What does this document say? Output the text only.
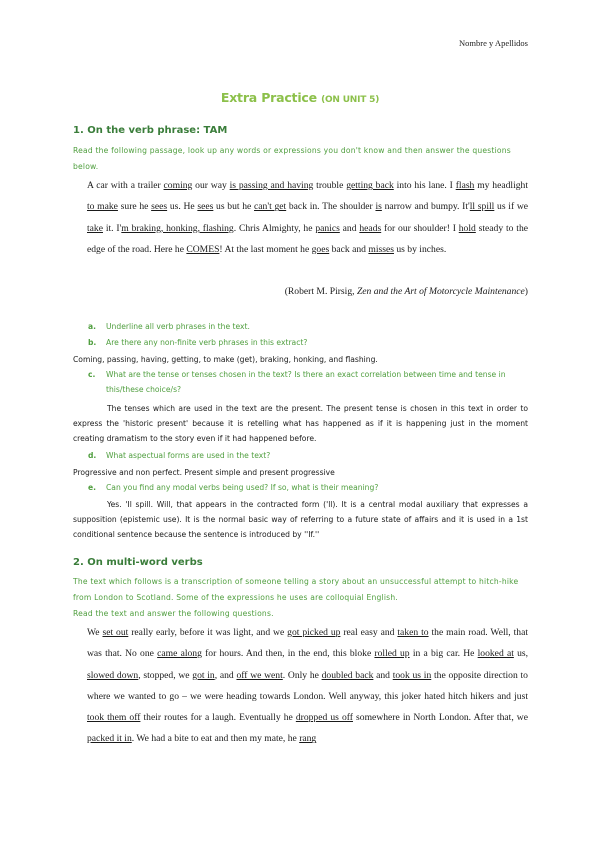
Nombre y Apellidos
Extra Practice (ON UNIT 5)
1. On the verb phrase: TAM
Read the following passage, look up any words or expressions you don't know and then answer the questions below.
A car with a trailer coming our way is passing and having trouble getting back into his lane. I flash my headlight to make sure he sees us. He sees us but he can't get back in. The shoulder is narrow and bumpy. It'll spill us if we take it. I'm braking, honking, flashing. Chris Almighty, he panics and heads for our shoulder! I hold steady to the edge of the road. Here he COMES! At the last moment he goes back and misses us by inches.
(Robert M. Pirsig, Zen and the Art of Motorcycle Maintenance)
a. Underline all verb phrases in the text.
b. Are there any non-finite verb phrases in this extract?
Coming, passing, having, getting, to make (get), braking, honking, and flashing.
c. What are the tense or tenses chosen in the text? Is there an exact correlation between time and tense in this/these choice/s?
The tenses which are used in the text are the present. The present tense is chosen in this text in order to express the 'historic present' because it is retelling what has happened as if it is happening just in the moment creating dramatism to the story even if it had happened before.
d. What aspectual forms are used in the text?
Progressive and non perfect. Present simple and present progressive
e. Can you find any modal verbs being used? If so, what is their meaning?
Yes. 'Il spill. Will, that appears in the contracted form ('ll). It is a central modal auxiliary that expresses a supposition (epistemic use). It is the normal basic way of referring to a future state of affairs and it is used in a 1st conditional sentence because the sentence is introduced by ''If.''
2. On multi-word verbs
The text which follows is a transcription of someone telling a story about an unsuccessful attempt to hitch-hike from London to Scotland. Some of the expressions he uses are colloquial English.
Read the text and answer the following questions.
We set out really early, before it was light, and we got picked up real easy and taken to the main road. Well, that was that. No one came along for hours. And then, in the end, this bloke rolled up in a big car. He looked at us, slowed down, stopped, we got in, and off we went. Only he doubled back and took us in the opposite direction to where we wanted to go – we were heading towards London. Well anyway, this joker hated hitch hikers and just took them off their routes for a laugh. Eventually he dropped us off somewhere in North London. After that, we packed it in. We had a bite to eat and then my mate, he rang
